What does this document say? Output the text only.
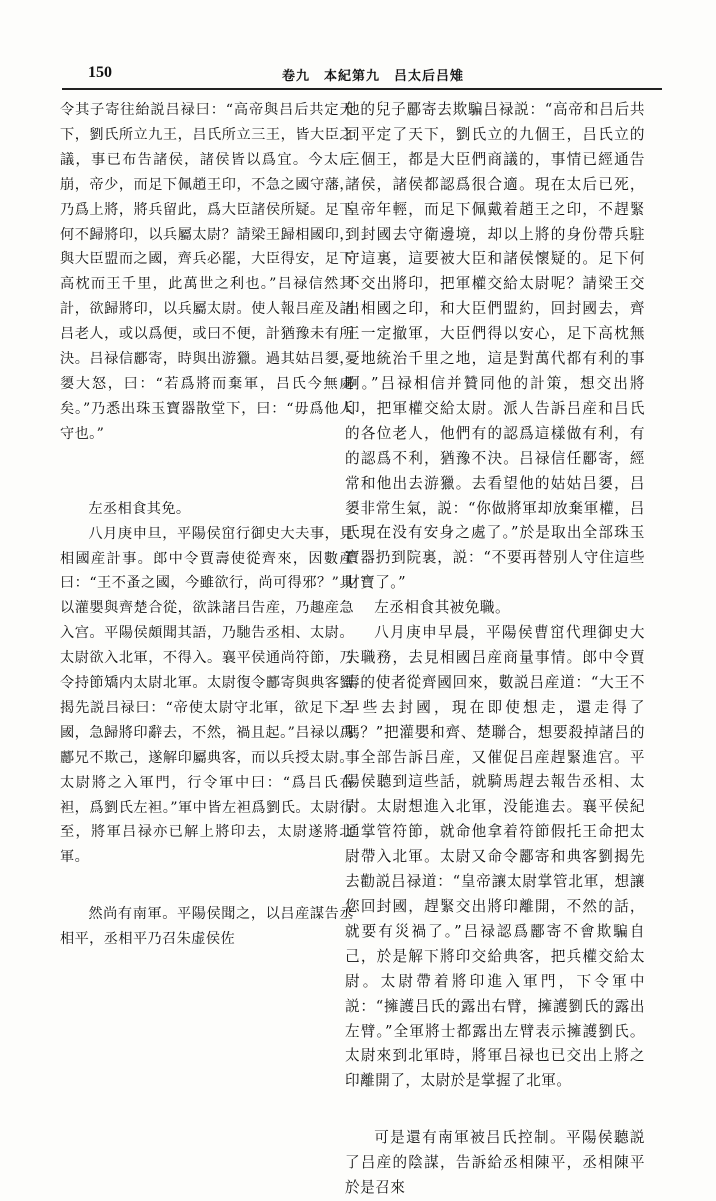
150	卷九　本紀第九　吕太后吕雉

令其子寄往紿説吕禄曰：“高帝與吕后共定天下，劉氏所立九王，吕氏所立三王，皆大臣之議，事已布告諸侯，諸侯皆以爲宜。今太后崩，帝少，而足下佩趙王印，不急之國守藩，乃爲上將，將兵留此，爲大臣諸侯所疑。足下何不歸將印，以兵屬太尉？請梁王歸相國印，與大臣盟而之國，齊兵必罷，大臣得安，足下高枕而王千里，此萬世之利也。”吕禄信然其計，欲歸將印，以兵屬太尉。使人報吕産及諸吕老人，或以爲便，或曰不便，計猶豫未有所決。吕禄信酈寄，時與出游獵。過其姑吕嬃，嬃大怒，曰：“若爲將而棄軍，吕氏今無處矣。”乃悉出珠玉寶器散堂下，曰：“毋爲他人守也。”

左丞相食其免。

八月庚申旦，平陽侯窋行御史大夫事，見相國産計事。郎中令賈壽使從齊來，因數産曰：“王不蚤之國，今雖欲行，尚可得邪？”具以灌嬰與齊楚合從，欲誅諸吕告産，乃趣産急入宫。平陽侯頗聞其語，乃馳告丞相、太尉。太尉欲入北軍，不得入。襄平侯通尚符節，乃令持節矯内太尉北軍。太尉復令酈寄與典客劉揭先説吕禄曰：“帝使太尉守北軍，欲足下之國，急歸將印辭去，不然，禍且起。”吕禄以爲酈兄不欺己，遂解印屬典客，而以兵授太尉。太尉將之入軍門，行令軍中曰：“爲吕氏右袒，爲劉氏左袒。”軍中皆左袒爲劉氏。太尉行至，將軍吕禄亦已解上將印去，太尉遂將北軍。

然尚有南軍。平陽侯聞之，以吕産謀告丞相平，丞相平乃召朱虚侯佐

他的兒子酈寄去欺騙吕禄説：“高帝和吕后共同平定了天下，劉氏立的九個王，吕氏立的三個王，都是大臣們商議的，事情已經通告諸侯，諸侯都認爲很合適。現在太后已死，皇帝年輕，而足下佩戴着趙王之印，不趕緊到封國去守衛邊境，却以上將的身份帶兵駐守這裏，這要被大臣和諸侯懷疑的。足下何不交出將印，把軍權交給太尉呢？請梁王交出相國之印，和大臣們盟約，回封國去，齊王一定撤軍，大臣們得以安心，足下高枕無憂地統治千里之地，這是對萬代都有利的事啊。”吕禄相信并贊同他的計策，想交出將印，把軍權交給太尉。派人告訴吕産和吕氏的各位老人，他們有的認爲這樣做有利，有的認爲不利，猶豫不決。吕禄信任酈寄，經常和他出去游獵。去看望他的姑姑吕嬃，吕嬃非常生氣，説：“你做將軍却放棄軍權，吕氏現在没有安身之處了。”於是取出全部珠玉寶器扔到院裏，説：“不要再替别人守住這些財寶了。”

左丞相食其被免職。

八月庚申早晨，平陽侯曹窋代理御史大夫職務，去見相國吕産商量事情。郎中令賈壽的使者從齊國回來，數説吕産道：“大王不早些去封國，現在即使想走，還走得了嗎？”把灌嬰和齊、楚聯合，想要殺掉諸吕的事全部告訴吕産，又催促吕産趕緊進宫。平陽侯聽到這些話，就騎馬趕去報告丞相、太尉。太尉想進入北軍，没能進去。襄平侯紀通掌管符節，就命他拿着符節假托王命把太尉帶入北軍。太尉又命令酈寄和典客劉揭先去勸説吕禄道：“皇帝讓太尉掌管北軍，想讓您回封國，趕緊交出將印離開，不然的話，就要有災禍了。”吕禄認爲酈寄不會欺騙自己，於是解下將印交給典客，把兵權交給太尉。太尉帶着將印進入軍門，下令軍中説：“擁護吕氏的露出右臂，擁護劉氏的露出左臂。”全軍將士都露出左臂表示擁護劉氏。太尉來到北軍時，將軍吕禄也已交出上將之印離開了，太尉於是掌握了北軍。

可是還有南軍被吕氏控制。平陽侯聽説了吕産的陰謀，告訴給丞相陳平，丞相陳平於是召來
